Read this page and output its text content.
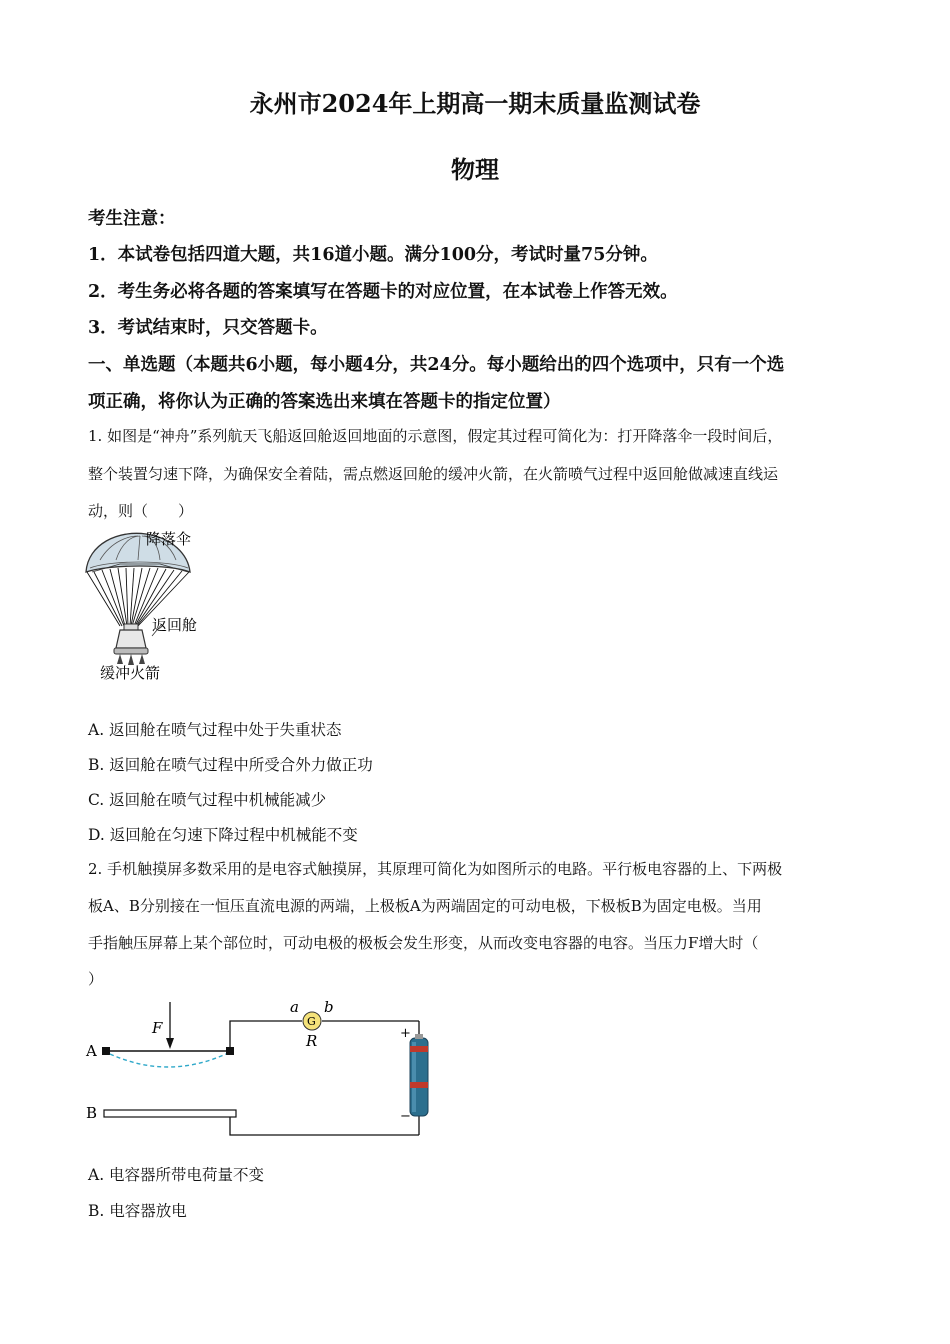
永州市2024年上期高一期末质量监测试卷
物理
考生注意：
1．本试卷包括四道大题，共16道小题。满分100分，考试时量75分钟。
2．考生务必将各题的答案填写在答题卡的对应位置，在本试卷上作答无效。
3．考试结束时，只交答题卡。
一、单选题（本题共6小题，每小题4分，共24分。每小题给出的四个选项中，只有一个选
项正确，将你认为正确的答案选出来填在答题卡的指定位置）
1. 如图是“神舟”系列航天飞船返回舱返回地面的示意图，假定其过程可简化为：打开降落伞一段时间后，
整个装置匀速下降，为确保安全着陆，需点燃返回舱的缓冲火箭，在火箭喷气过程中返回舱做减速直线运
动，则（　　）
降落伞
返回舱
缓冲火箭
A. 返回舱在喷气过程中处于失重状态
B. 返回舱在喷气过程中所受合外力做正功
C. 返回舱在喷气过程中机械能减少
D. 返回舱在匀速下降过程中机械能不变
2. 手机触摸屏多数采用的是电容式触摸屏，其原理可简化为如图所示的电路。平行板电容器的上、下两极
板A、B分别接在一恒压直流电源的两端，上极板A为两端固定的可动电极，下极板B为固定电极。当用
手指触压屏幕上某个部位时，可动电极的极板会发生形变，从而改变电容器的电容。当压力F增大时（
）
F
A
G
a b
R	+
−
B
A. 电容器所带电荷量不变
B. 电容器放电
